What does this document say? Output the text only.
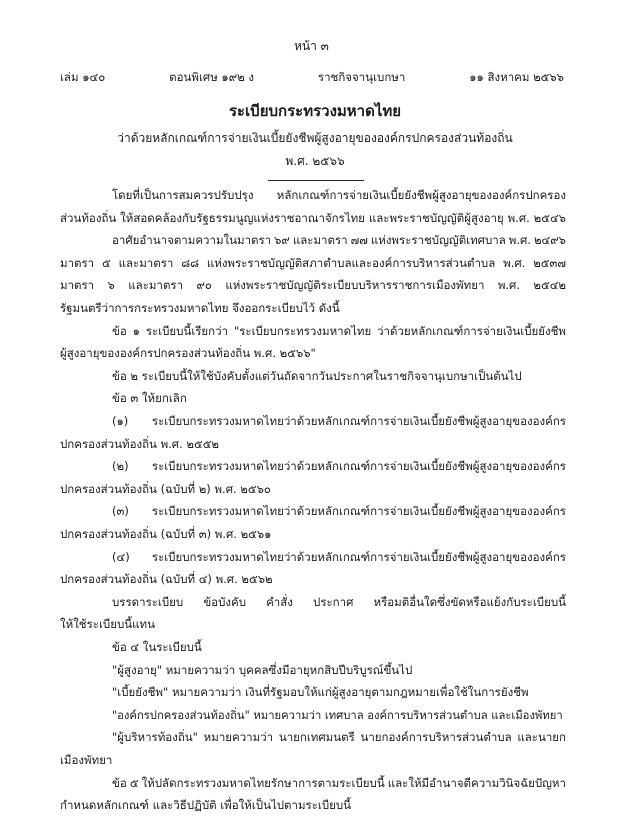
หน้า ๓
เล่ม ๑๔๐	ตอนพิเศษ ๑๙๒ ง	ราชกิจจานุเบกษา	๑๑ สิงหาคม ๒๕๖๖
ระเบียบกระทรวงมหาดไทย
ว่าด้วยหลักเกณฑ์การจ่ายเงินเบี้ยยังชีพผู้สูงอายุขององค์กรปกครองส่วนท้องถิ่น
พ.ศ. ๒๕๖๖
โดยที่เป็นการสมควรปรับปรุง หลักเกณฑ์การจ่ายเงินเบี้ยยังชีพผู้สูงอายุขององค์กรปกครอง
ส่วนท้องถิ่น ให้สอดคล้องกับรัฐธรรมนูญแห่งราชอาณาจักรไทย และพระราชบัญญัติผู้สูงอายุ พ.ศ. ๒๕๔๖
อาศัยอำนาจตามความในมาตรา ๖๙ และมาตรา ๗๗ แห่งพระราชบัญญัติเทศบาล พ.ศ. ๒๔๙๖
มาตรา ๕ และมาตรา ๘๘ แห่งพระราชบัญญัติสภาตำบลและองค์การบริหารส่วนตำบล พ.ศ. ๒๕๓๗
มาตรา ๖ และมาตรา ๙๐ แห่งพระราชบัญญัติระเบียบบริหารราชการเมืองพัทยา พ.ศ. ๒๕๔๒
รัฐมนตรีว่าการกระทรวงมหาดไทย จึงออกระเบียบไว้ ดังนี้
ข้อ ๑ ระเบียบนี้เรียกว่า "ระเบียบกระทรวงมหาดไทย ว่าด้วยหลักเกณฑ์การจ่ายเงินเบี้ยยังชีพ
ผู้สูงอายุขององค์กรปกครองส่วนท้องถิ่น พ.ศ. ๒๕๖๖"
ข้อ ๒ ระเบียบนี้ให้ใช้บังคับตั้งแต่วันถัดจากวันประกาศในราชกิจจานุเบกษาเป็นต้นไป
ข้อ ๓ ให้ยกเลิก
(๑) ระเบียบกระทรวงมหาดไทยว่าด้วยหลักเกณฑ์การจ่ายเงินเบี้ยยังชีพผู้สูงอายุขององค์กร
ปกครองส่วนท้องถิ่น พ.ศ. ๒๕๕๒
(๒) ระเบียบกระทรวงมหาดไทยว่าด้วยหลักเกณฑ์การจ่ายเงินเบี้ยยังชีพผู้สูงอายุขององค์กร
ปกครองส่วนท้องถิ่น (ฉบับที่ ๒) พ.ศ. ๒๕๖๐
(๓) ระเบียบกระทรวงมหาดไทยว่าด้วยหลักเกณฑ์การจ่ายเงินเบี้ยยังชีพผู้สูงอายุขององค์กร
ปกครองส่วนท้องถิ่น (ฉบับที่ ๓) พ.ศ. ๒๕๖๑
(๔) ระเบียบกระทรวงมหาดไทยว่าด้วยหลักเกณฑ์การจ่ายเงินเบี้ยยังชีพผู้สูงอายุขององค์กร
ปกครองส่วนท้องถิ่น (ฉบับที่ ๔) พ.ศ. ๒๕๖๒
บรรดาระเบียบ ข้อบังคับ คำสั่ง ประกาศ หรือมติอื่นใดซึ่งขัดหรือแย้งกับระเบียบนี้
ให้ใช้ระเบียบนี้แทน
ข้อ ๔ ในระเบียบนี้
"ผู้สูงอายุ" หมายความว่า บุคคลซึ่งมีอายุหกสิบปีบริบูรณ์ขึ้นไป
"เบี้ยยังชีพ" หมายความว่า เงินที่รัฐมอบให้แก่ผู้สูงอายุตามกฎหมายเพื่อใช้ในการยังชีพ
"องค์กรปกครองส่วนท้องถิ่น" หมายความว่า เทศบาล องค์การบริหารส่วนตำบล และเมืองพัทยา
"ผู้บริหารท้องถิ่น" หมายความว่า นายกเทศมนตรี นายกองค์การบริหารส่วนตำบล และนายก
เมืองพัทยา
ข้อ ๕ ให้ปลัดกระทรวงมหาดไทยรักษาการตามระเบียบนี้ และให้มีอำนาจตีความวินิจฉัยปัญหา
กำหนดหลักเกณฑ์ และวิธีปฏิบัติ เพื่อให้เป็นไปตามระเบียบนี้
